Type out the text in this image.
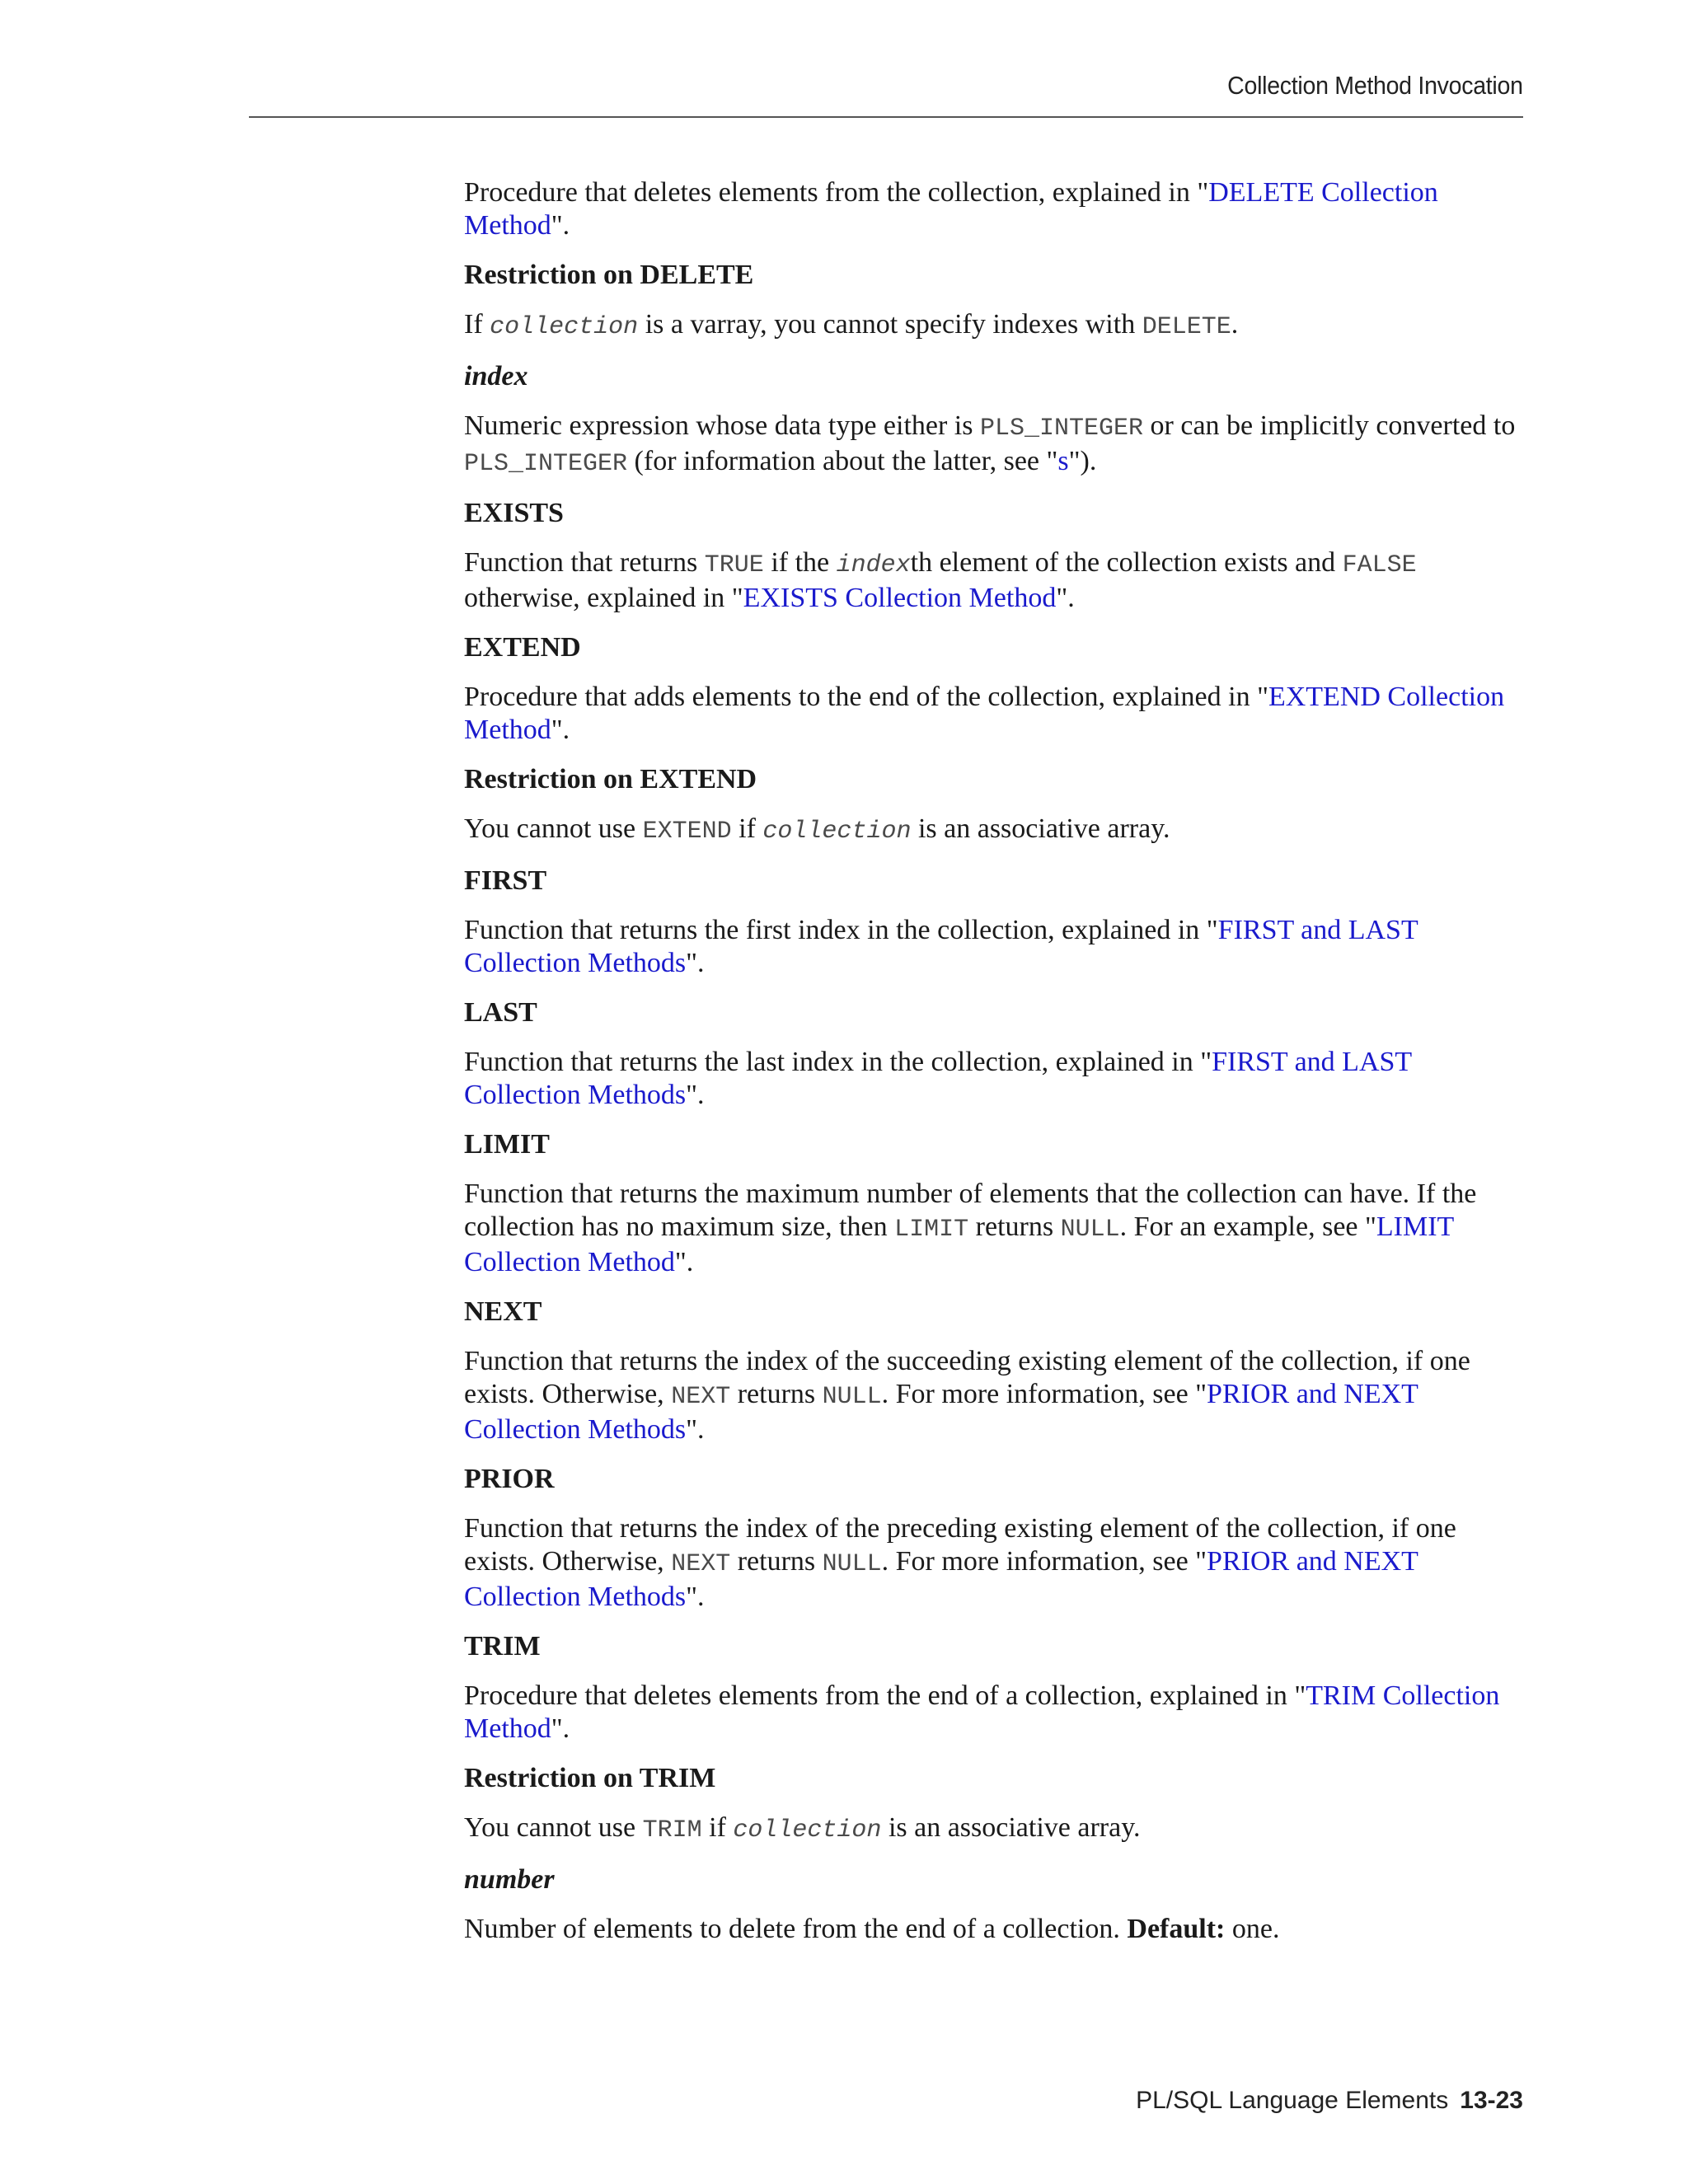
Collection Method Invocation

Procedure that deletes elements from the collection, explained in "DELETE Collection Method".

Restriction on DELETE

If collection is a varray, you cannot specify indexes with DELETE.

index

Numeric expression whose data type either is PLS_INTEGER or can be implicitly converted to PLS_INTEGER (for information about the latter, see "s").

EXISTS

Function that returns TRUE if the indexth element of the collection exists and FALSE otherwise, explained in "EXISTS Collection Method".

EXTEND

Procedure that adds elements to the end of the collection, explained in "EXTEND Collection Method".

Restriction on EXTEND

You cannot use EXTEND if collection is an associative array.

FIRST

Function that returns the first index in the collection, explained in "FIRST and LAST Collection Methods".

LAST

Function that returns the last index in the collection, explained in "FIRST and LAST Collection Methods".

LIMIT

Function that returns the maximum number of elements that the collection can have. If the collection has no maximum size, then LIMIT returns NULL. For an example, see "LIMIT Collection Method".

NEXT

Function that returns the index of the succeeding existing element of the collection, if one exists. Otherwise, NEXT returns NULL. For more information, see "PRIOR and NEXT Collection Methods".

PRIOR

Function that returns the index of the preceding existing element of the collection, if one exists. Otherwise, NEXT returns NULL. For more information, see "PRIOR and NEXT Collection Methods".

TRIM

Procedure that deletes elements from the end of a collection, explained in "TRIM Collection Method".

Restriction on TRIM

You cannot use TRIM if collection is an associative array.

number

Number of elements to delete from the end of a collection. Default: one.

PL/SQL Language Elements 13-23
